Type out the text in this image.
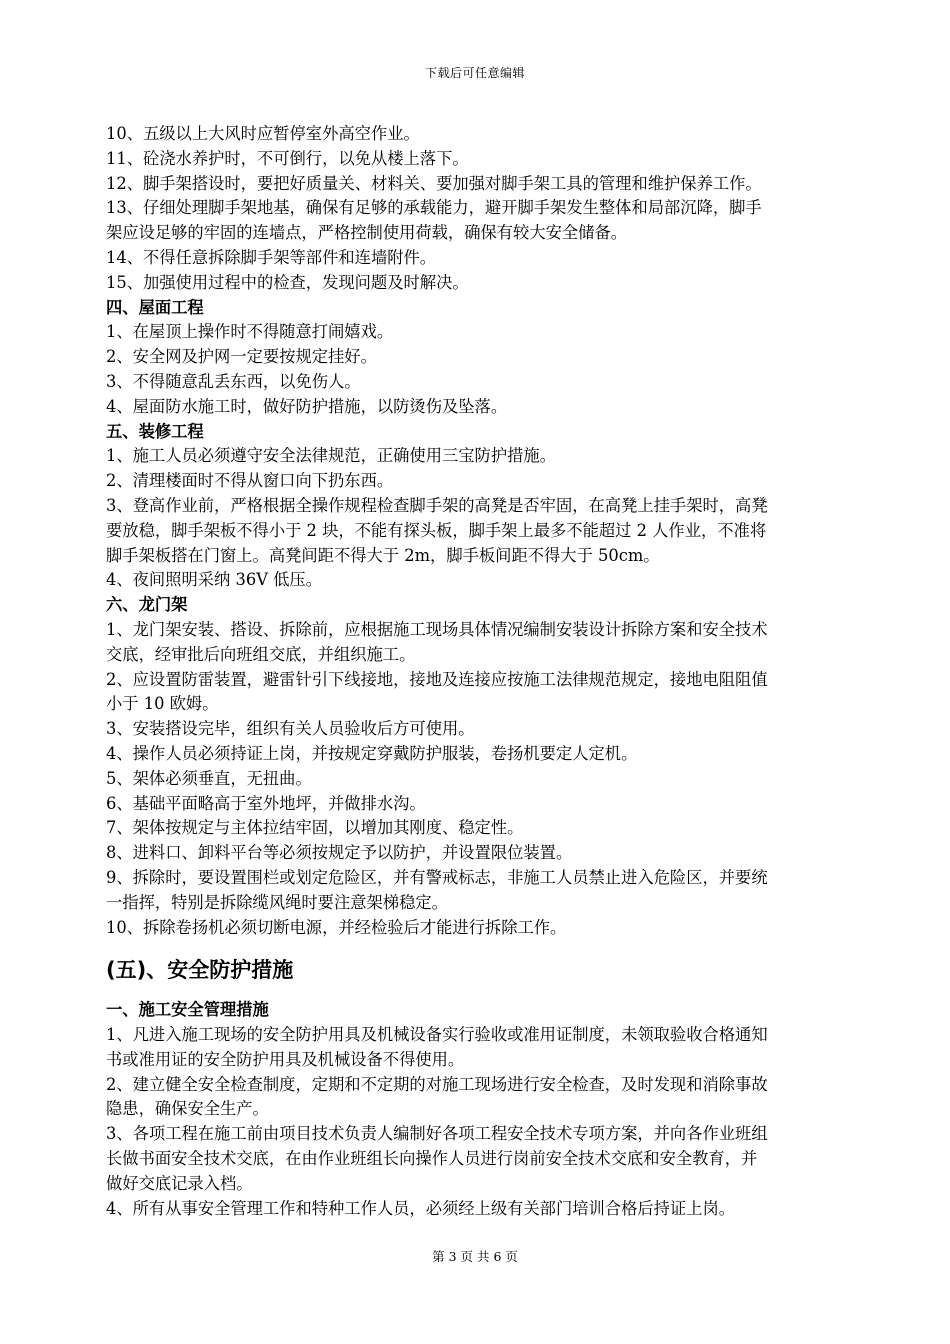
下载后可任意编辑
10、五级以上大风时应暂停室外高空作业。
11、砼浇水养护时，不可倒行，以免从楼上落下。
12、脚手架搭设时，要把好质量关、材料关、要加强对脚手架工具的管理和维护保养工作。
13、仔细处理脚手架地基，确保有足够的承载能力，避开脚手架发生整体和局部沉降，脚手
架应设足够的牢固的连墙点，严格控制使用荷载，确保有较大安全储备。
14、不得任意拆除脚手架等部件和连墙附件。
15、加强使用过程中的检查，发现问题及时解决。
四、屋面工程
1、在屋顶上操作时不得随意打闹嬉戏。
2、安全网及护网一定要按规定挂好。
3、不得随意乱丢东西，以免伤人。
4、屋面防水施工时，做好防护措施，以防烫伤及坠落。
五、装修工程
1、施工人员必须遵守安全法律规范，正确使用三宝防护措施。
2、清理楼面时不得从窗口向下扔东西。
3、登高作业前，严格根据全操作规程检查脚手架的高凳是否牢固，在高凳上挂手架时，高凳
要放稳，脚手架板不得小于 2 块，不能有探头板，脚手架上最多不能超过 2 人作业，不准将
脚手架板搭在门窗上。高凳间距不得大于 2m，脚手板间距不得大于 50cm。
4、夜间照明采纳 36V 低压。
六、龙门架
1、龙门架安装、搭设、拆除前，应根据施工现场具体情况编制安装设计拆除方案和安全技术
交底，经审批后向班组交底，并组织施工。
2、应设置防雷装置，避雷针引下线接地，接地及连接应按施工法律规范规定，接地电阻阻值
小于 10 欧姆。
3、安装搭设完毕，组织有关人员验收后方可使用。
4、操作人员必须持证上岗，并按规定穿戴防护服装，卷扬机要定人定机。
5、架体必须垂直，无扭曲。
6、基础平面略高于室外地坪，并做排水沟。
7、架体按规定与主体拉结牢固，以增加其刚度、稳定性。
8、进料口、卸料平台等必须按规定予以防护，并设置限位装置。
9、拆除时，要设置围栏或划定危险区，并有警戒标志，非施工人员禁止进入危险区，并要统
一指挥，特别是拆除缆风绳时要注意架梯稳定。
10、拆除卷扬机必须切断电源，并经检验后才能进行拆除工作。
(五)、安全防护措施
一、施工安全管理措施
1、凡进入施工现场的安全防护用具及机械设备实行验收或准用证制度，未领取验收合格通知
书或准用证的安全防护用具及机械设备不得使用。
2、建立健全安全检查制度，定期和不定期的对施工现场进行安全检查，及时发现和消除事故
隐患，确保安全生产。
3、各项工程在施工前由项目技术负责人编制好各项工程安全技术专项方案，并向各作业班组
长做书面安全技术交底，在由作业班组长向操作人员进行岗前安全技术交底和安全教育，并
做好交底记录入档。
4、所有从事安全管理工作和特种工作人员，必须经上级有关部门培训合格后持证上岗。
第 3 页 共 6 页
